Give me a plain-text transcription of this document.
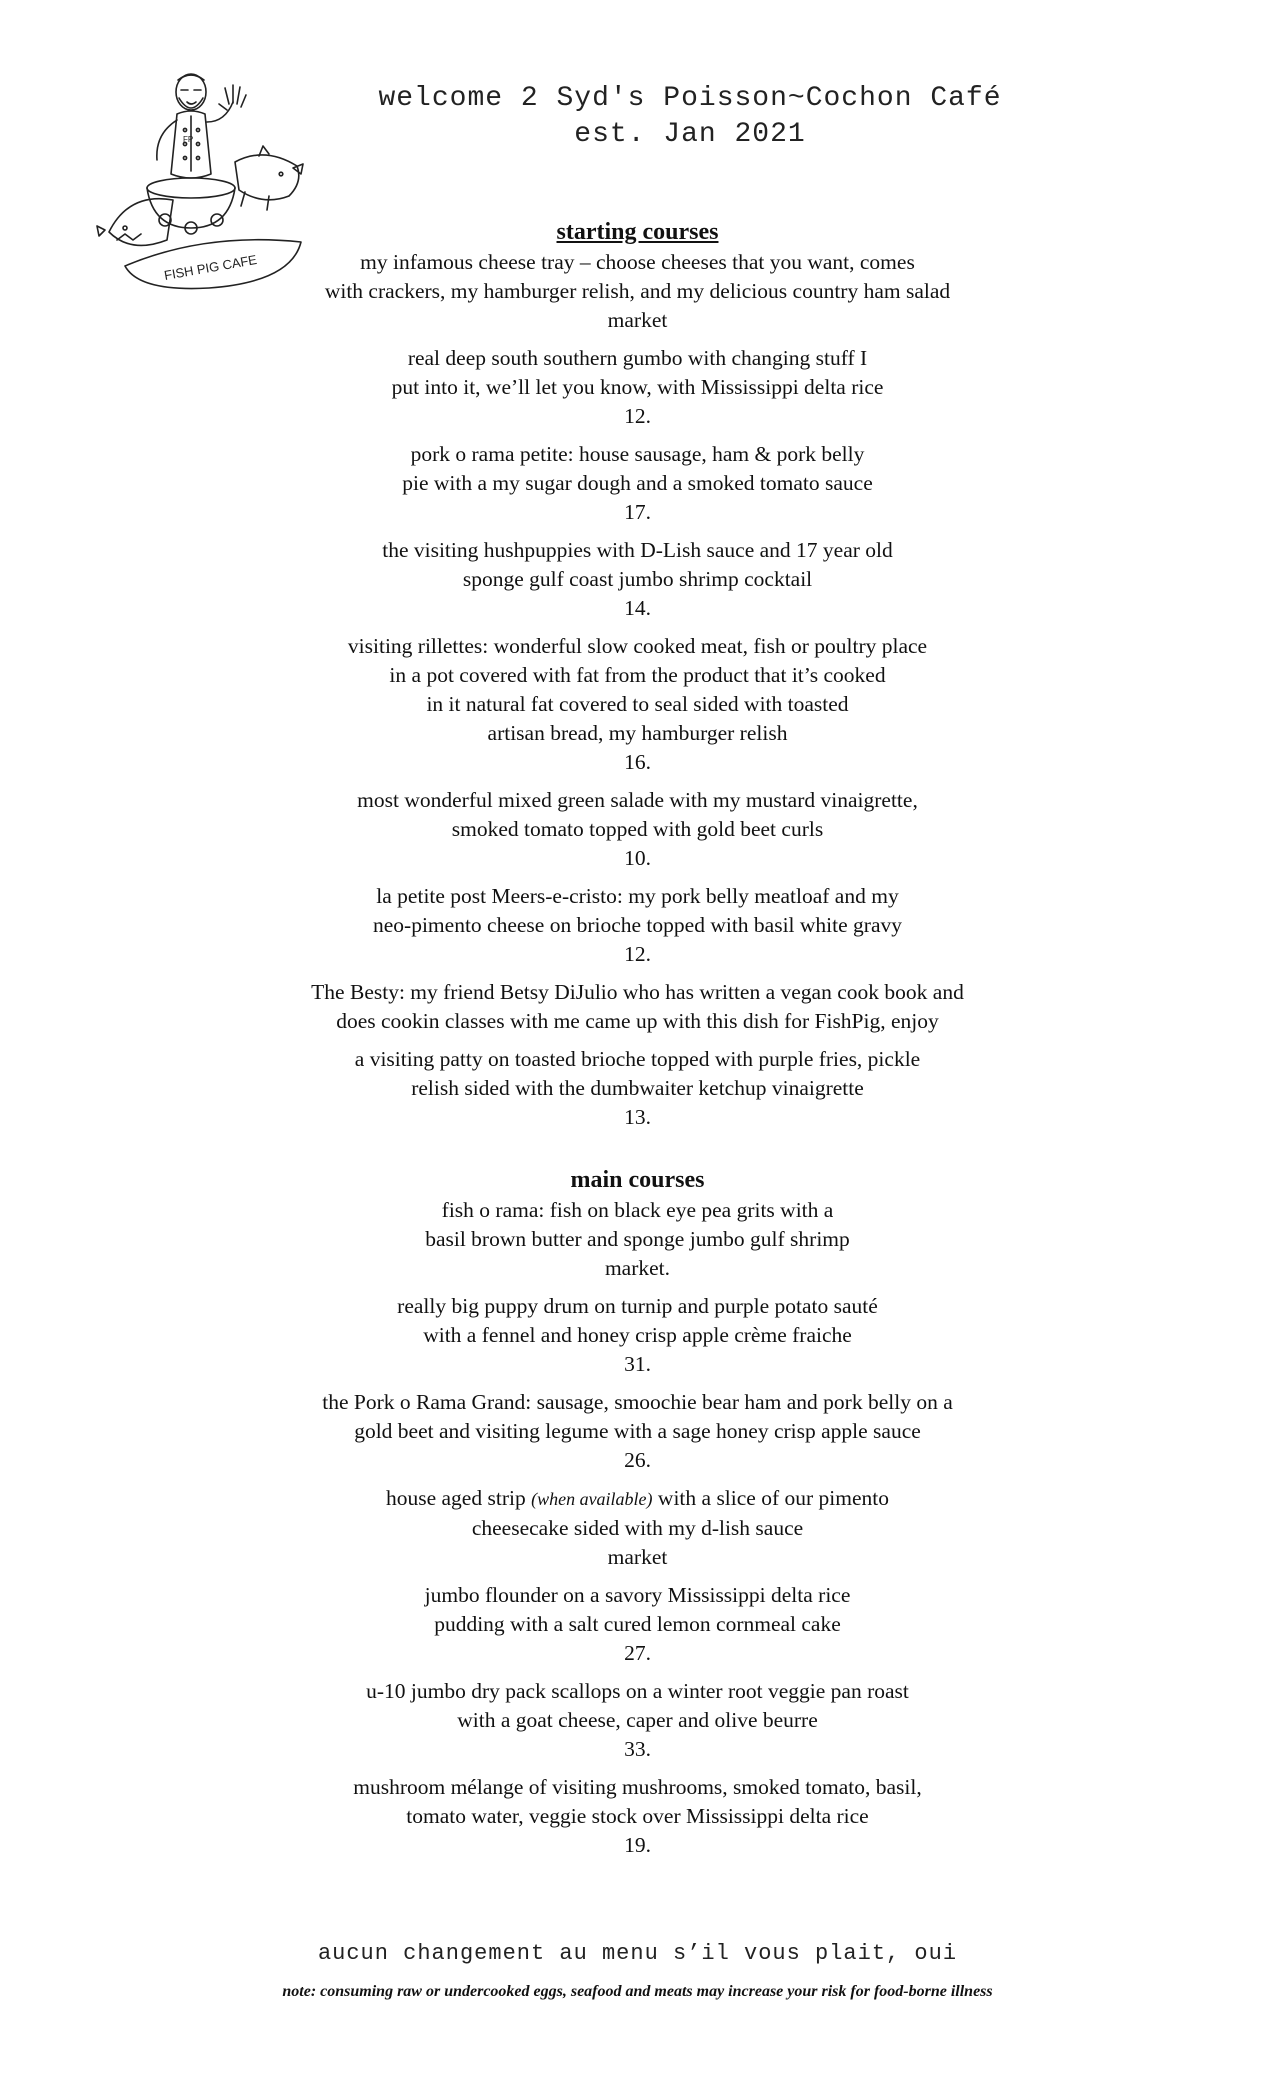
FISH PIG CAFE
FP
welcome 2 Syd's Poisson~Cochon Café
est. Jan 2021
starting courses
my infamous cheese tray – choose cheeses that you want, comes
with crackers, my hamburger relish, and my delicious country ham salad
market
real deep south southern gumbo with changing stuff I
put into it, we’ll let you know, with Mississippi delta rice
12.
pork o rama petite: house sausage, ham & pork belly
pie with a my sugar dough and a smoked tomato sauce
17.
the visiting hushpuppies with D-Lish sauce and 17 year old
sponge gulf coast jumbo shrimp cocktail
14.
visiting rillettes: wonderful slow cooked meat, fish or poultry place
in a pot covered with fat from the product that it’s cooked
in it natural fat covered to seal sided with toasted
artisan bread, my hamburger relish
16.
most wonderful mixed green salade with my mustard vinaigrette,
smoked tomato topped with gold beet curls
10.
la petite post Meers-e-cristo: my pork belly meatloaf and my
neo-pimento cheese on brioche topped with basil white gravy
12.
The Besty: my friend Betsy DiJulio who has written a vegan cook book and
does cookin classes with me came up with this dish for FishPig, enjoy
a visiting patty on toasted brioche topped with purple fries, pickle
relish sided with the dumbwaiter ketchup vinaigrette
13.
main courses
fish o rama: fish on black eye pea grits with a
basil brown butter and sponge jumbo gulf shrimp
market.
really big puppy drum on turnip and purple potato sauté
with a fennel and honey crisp apple crème fraiche
31.
the Pork o Rama Grand: sausage, smoochie bear ham and pork belly on a
gold beet and visiting legume with a sage honey crisp apple sauce
26.
house aged strip (when available) with a slice of our pimento
cheesecake sided with my d-lish sauce
market
jumbo flounder on a savory Mississippi delta rice
pudding with a salt cured lemon cornmeal cake
27.
u-10 jumbo dry pack scallops on a winter root veggie pan roast
with a goat cheese, caper and olive beurre
33.
mushroom mélange of visiting mushrooms, smoked tomato, basil,
tomato water, veggie stock over Mississippi delta rice
19.
aucun changement au menu s’il vous plait, oui
note: consuming raw or undercooked eggs, seafood and meats may increase your risk for food-borne illness
